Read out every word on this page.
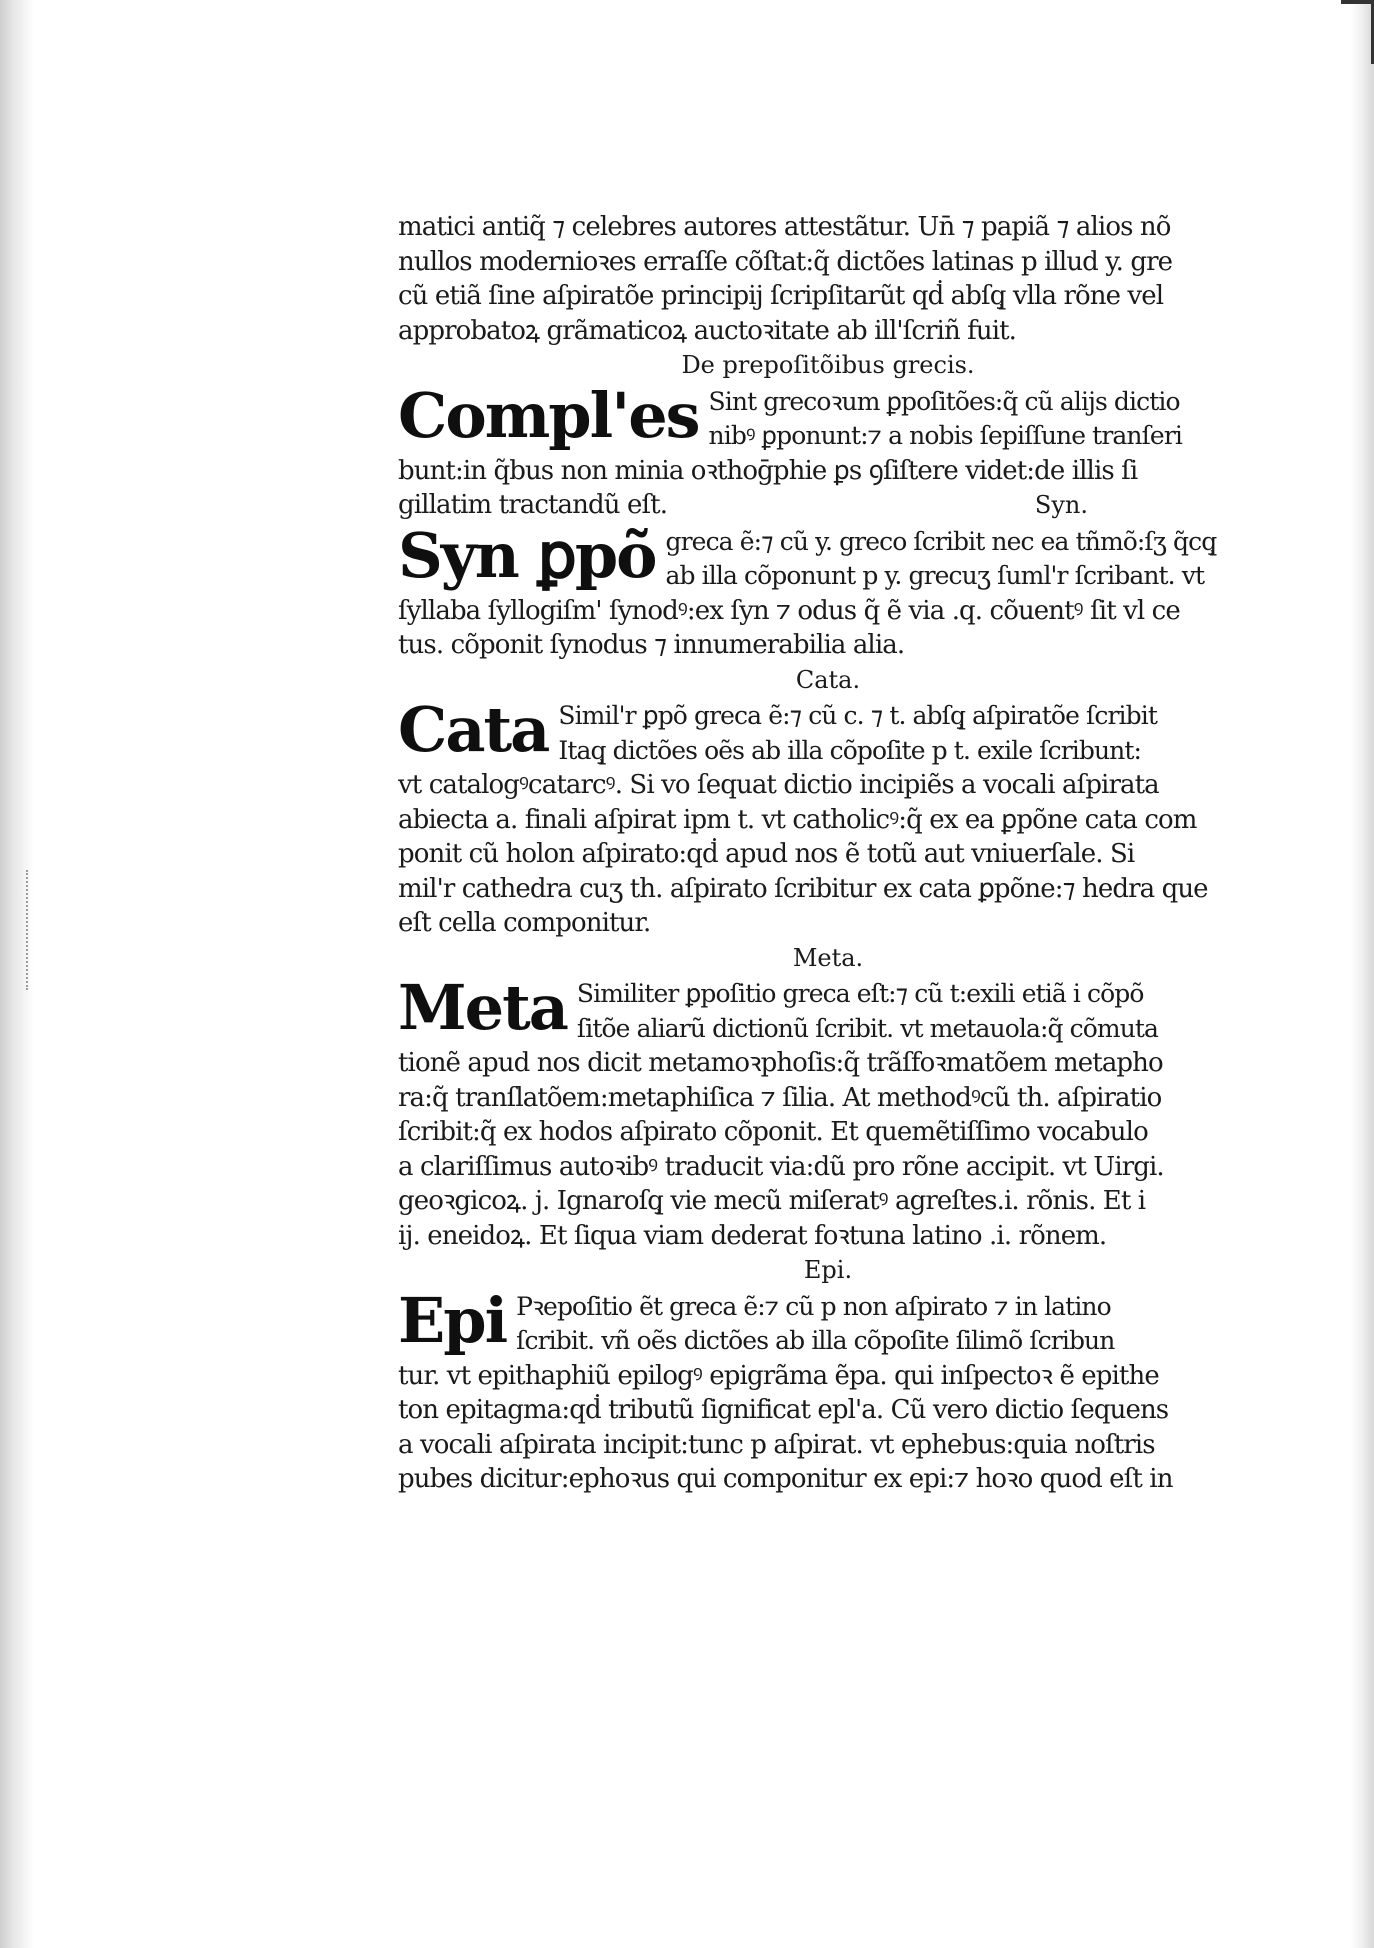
matici antiq̃ ⁊ celebres autores attestãtur. Un̄ ⁊ papiã ⁊ alios nõ
nullos modernioꝛes erraſſe cõſtat:q̃ dictões latinas p illud y. gre
cũ etiã ſine aſpiratõe principij ſcripſitarũt qḋ abſq̧ vlla rõne vel
approbatoꝝ grãmaticoꝝ auctoꝛitate ab ill'ſcriñ fuit.
De prepoſitõibus grecis.
Compl'es Sint grecoꝛum ꝑpoſitões:q̃ cũ alijs dictio
nibꝰ ꝑponunt:⁊ a nobis ſepiſſune tranſeri
bunt:in q̃bus non minia oꝛthoḡphie ꝑs ꝯſiſtere videt:de illis ſi
gillatim tractandũ eſt.	Syn.
Syn ꝑpõ greca ẽ:⁊ cũ y. greco ſcribit nec ea tñmõ:ſʒ q̃cq̧
ab illa cõponunt p y. grecuʒ ſuml'r ſcribant. vt
ſyllaba ſyllogiſm' ſynodꝰ:ex ſyn ⁊ odus q̃ ẽ via .q. cõuentꝰ ſit vl ce
tus. cõponit ſynodus ⁊ innumerabilia alia.
Cata.
Cata Simil'r ꝑpõ greca ẽ:⁊ cũ c. ⁊ t. abſq̧ aſpiratõe ſcribit
Itaq̧ dictões oẽs ab illa cõpoſite p t. exile ſcribunt:
vt catalogꝰcatarcꝰ. Si vo ſequat dictio incipiẽs a vocali aſpirata
abiecta a. finali aſpirat ipm t. vt catholicꝰ:q̃ ex ea ꝑpõne cata com
ponit cũ holon aſpirato:qḋ apud nos ẽ totũ aut vniuerſale. Si
mil'r cathedra cuʒ th. aſpirato ſcribitur ex cata ꝑpõne:⁊ hedra que
eſt cella componitur.
Meta.
Meta Similiter ꝑpoſitio greca eſt:⁊ cũ t:exili etiã i cõpõ
ſitõe aliarũ dictionũ ſcribit. vt metauola:q̃ cõmuta
tionẽ apud nos dicit metamoꝛphoſis:q̃ trãſfoꝛmatõem metapho
ra:q̃ tranſlatõem:metaphiſica ⁊ ſilia. At methodꝰcũ th. aſpiratio
ſcribit:q̃ ex hodos aſpirato cõponit. Et quemẽtiſſimo vocabulo
a clariſſimus autoꝛibꝰ traducit via:dũ pro rõne accipit. vt Uirgi.
geoꝛgicoꝝ. j. Ignaroſq̧ vie mecũ miſeratꝰ agreſtes.i. rõnis. Et i
ij. eneidoꝝ. Et ſiqua viam dederat foꝛtuna latino .i. rõnem.
Epi.
Epi Pꝛepoſitio ẽt greca ẽ:⁊ cũ p non aſpirato ⁊ in latino
ſcribit. vñ oẽs dictões ab illa cõpoſite ſilimõ ſcribun
tur. vt epithaphiũ epilogꝰ epigrãma ẽpa. qui inſpectoꝛ ẽ epithe
ton epitagma:qḋ tributũ ſignificat epl'a. Cũ vero dictio ſequens
a vocali aſpirata incipit:tunc p aſpirat. vt ephebus:quia noſtris
pubes dicitur:ephoꝛus qui componitur ex epi:⁊ hoꝛo quod eſt in
